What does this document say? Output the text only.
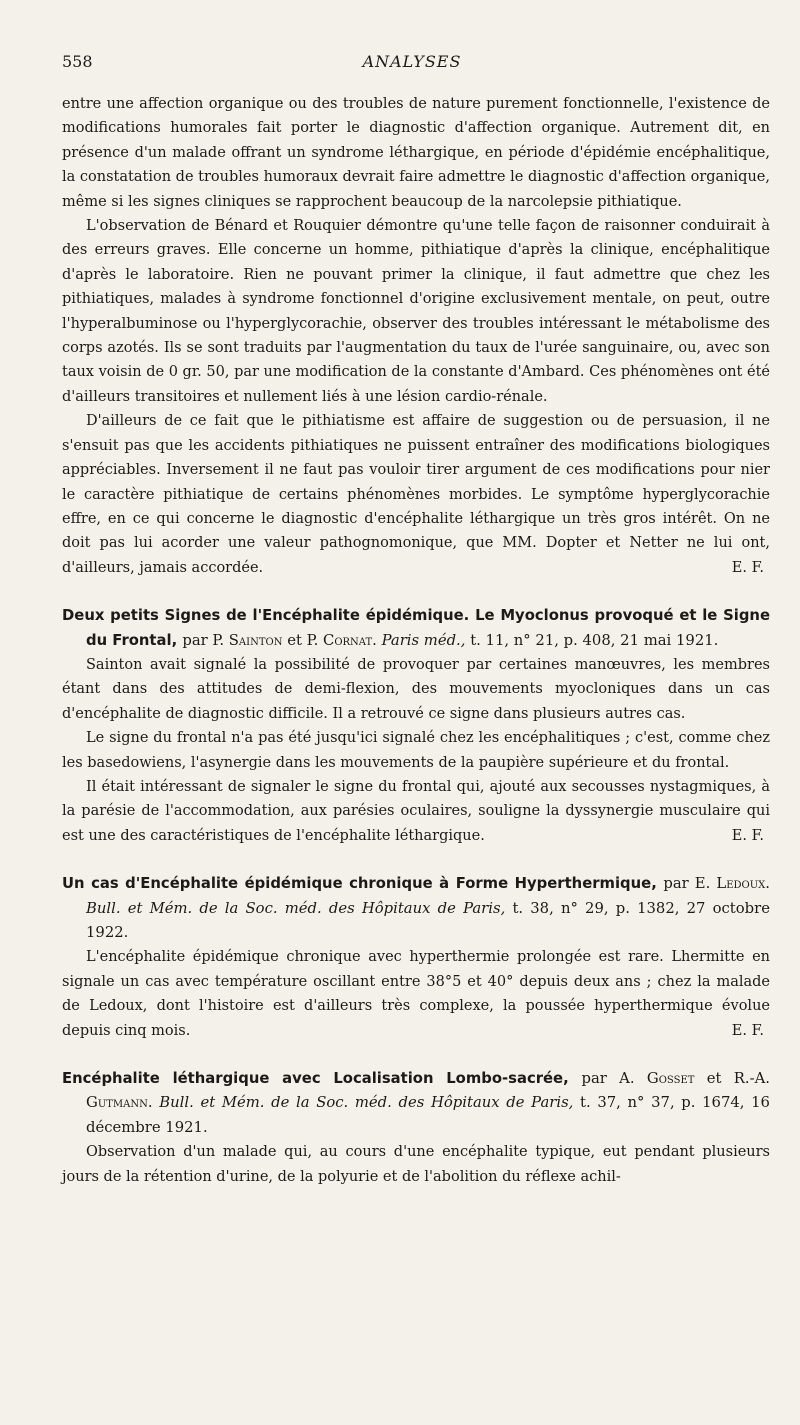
558	ANALYSES

entre une affection organique ou des troubles de nature purement fonctionnelle, l'existence de modifications humorales fait porter le diagnostic d'affection organique. Autrement dit, en présence d'un malade offrant un syndrome léthargique, en période d'épidémie encéphalitique, la constatation de troubles humoraux devrait faire admettre le diagnostic d'affection organique, même si les signes cliniques se rapprochent beaucoup de la narcolepsie pithiatique.

L'observation de Bénard et Rouquier démontre qu'une telle façon de raisonner conduirait à des erreurs graves. Elle concerne un homme, pithiatique d'après la clinique, encéphalitique d'après le laboratoire. Rien ne pouvant primer la clinique, il faut admettre que chez les pithiatiques, malades à syndrome fonctionnel d'origine exclusivement mentale, on peut, outre l'hyperalbuminose ou l'hyperglycorachie, observer des troubles intéressant le métabolisme des corps azotés. Ils se sont traduits par l'augmentation du taux de l'urée sanguinaire, ou, avec son taux voisin de 0 gr. 50, par une modification de la constante d'Ambard. Ces phénomènes ont été d'ailleurs transitoires et nullement liés à une lésion cardio-rénale.

D'ailleurs de ce fait que le pithiatisme est affaire de suggestion ou de persuasion, il ne s'ensuit pas que les accidents pithiatiques ne puissent entraîner des modifications biologiques appréciables. Inversement il ne faut pas vouloir tirer argument de ces modifications pour nier le caractère pithiatique de certains phénomènes morbides. Le symptôme hyperglycorachie effre, en ce qui concerne le diagnostic d'encéphalite léthargique un très gros intérêt. On ne doit pas lui acorder une valeur pathognomonique, que MM. Dopter et Netter ne lui ont, d'ailleurs, jamais accordée.	E. F.

Deux petits Signes de l'Encéphalite épidémique. Le Myoclonus provoqué et le Signe du Frontal, par P. Sainton et P. Cornat. Paris méd., t. 11, n° 21, p. 408, 21 mai 1921.

Sainton avait signalé la possibilité de provoquer par certaines manœuvres, les membres étant dans des attitudes de demi-flexion, des mouvements myocloniques dans un cas d'encéphalite de diagnostic difficile. Il a retrouvé ce signe dans plusieurs autres cas.

Le signe du frontal n'a pas été jusqu'ici signalé chez les encéphalitiques ; c'est, comme chez les basedowiens, l'asynergie dans les mouvements de la paupière supérieure et du frontal.

Il était intéressant de signaler le signe du frontal qui, ajouté aux secousses nystagmiques, à la parésie de l'accommodation, aux parésies oculaires, souligne la dyssynergie musculaire qui est une des caractéristiques de l'encéphalite léthargique.	E. F.

Un cas d'Encéphalite épidémique chronique à Forme Hyperthermique, par E. Ledoux. Bull. et Mém. de la Soc. méd. des Hôpitaux de Paris, t. 38, n° 29, p. 1382, 27 octobre 1922.

L'encéphalite épidémique chronique avec hyperthermie prolongée est rare. Lhermitte en signale un cas avec température oscillant entre 38°5 et 40° depuis deux ans ; chez la malade de Ledoux, dont l'histoire est d'ailleurs très complexe, la poussée hyperthermique évolue depuis cinq mois.	E. F.

Encéphalite léthargique avec Localisation Lombo-sacrée, par A. Gosset et R.-A. Gutmann. Bull. et Mém. de la Soc. méd. des Hôpitaux de Paris, t. 37, n° 37, p. 1674, 16 décembre 1921.

Observation d'un malade qui, au cours d'une encéphalite typique, eut pendant plusieurs jours de la rétention d'urine, de la polyurie et de l'abolition du réflexe achil-
